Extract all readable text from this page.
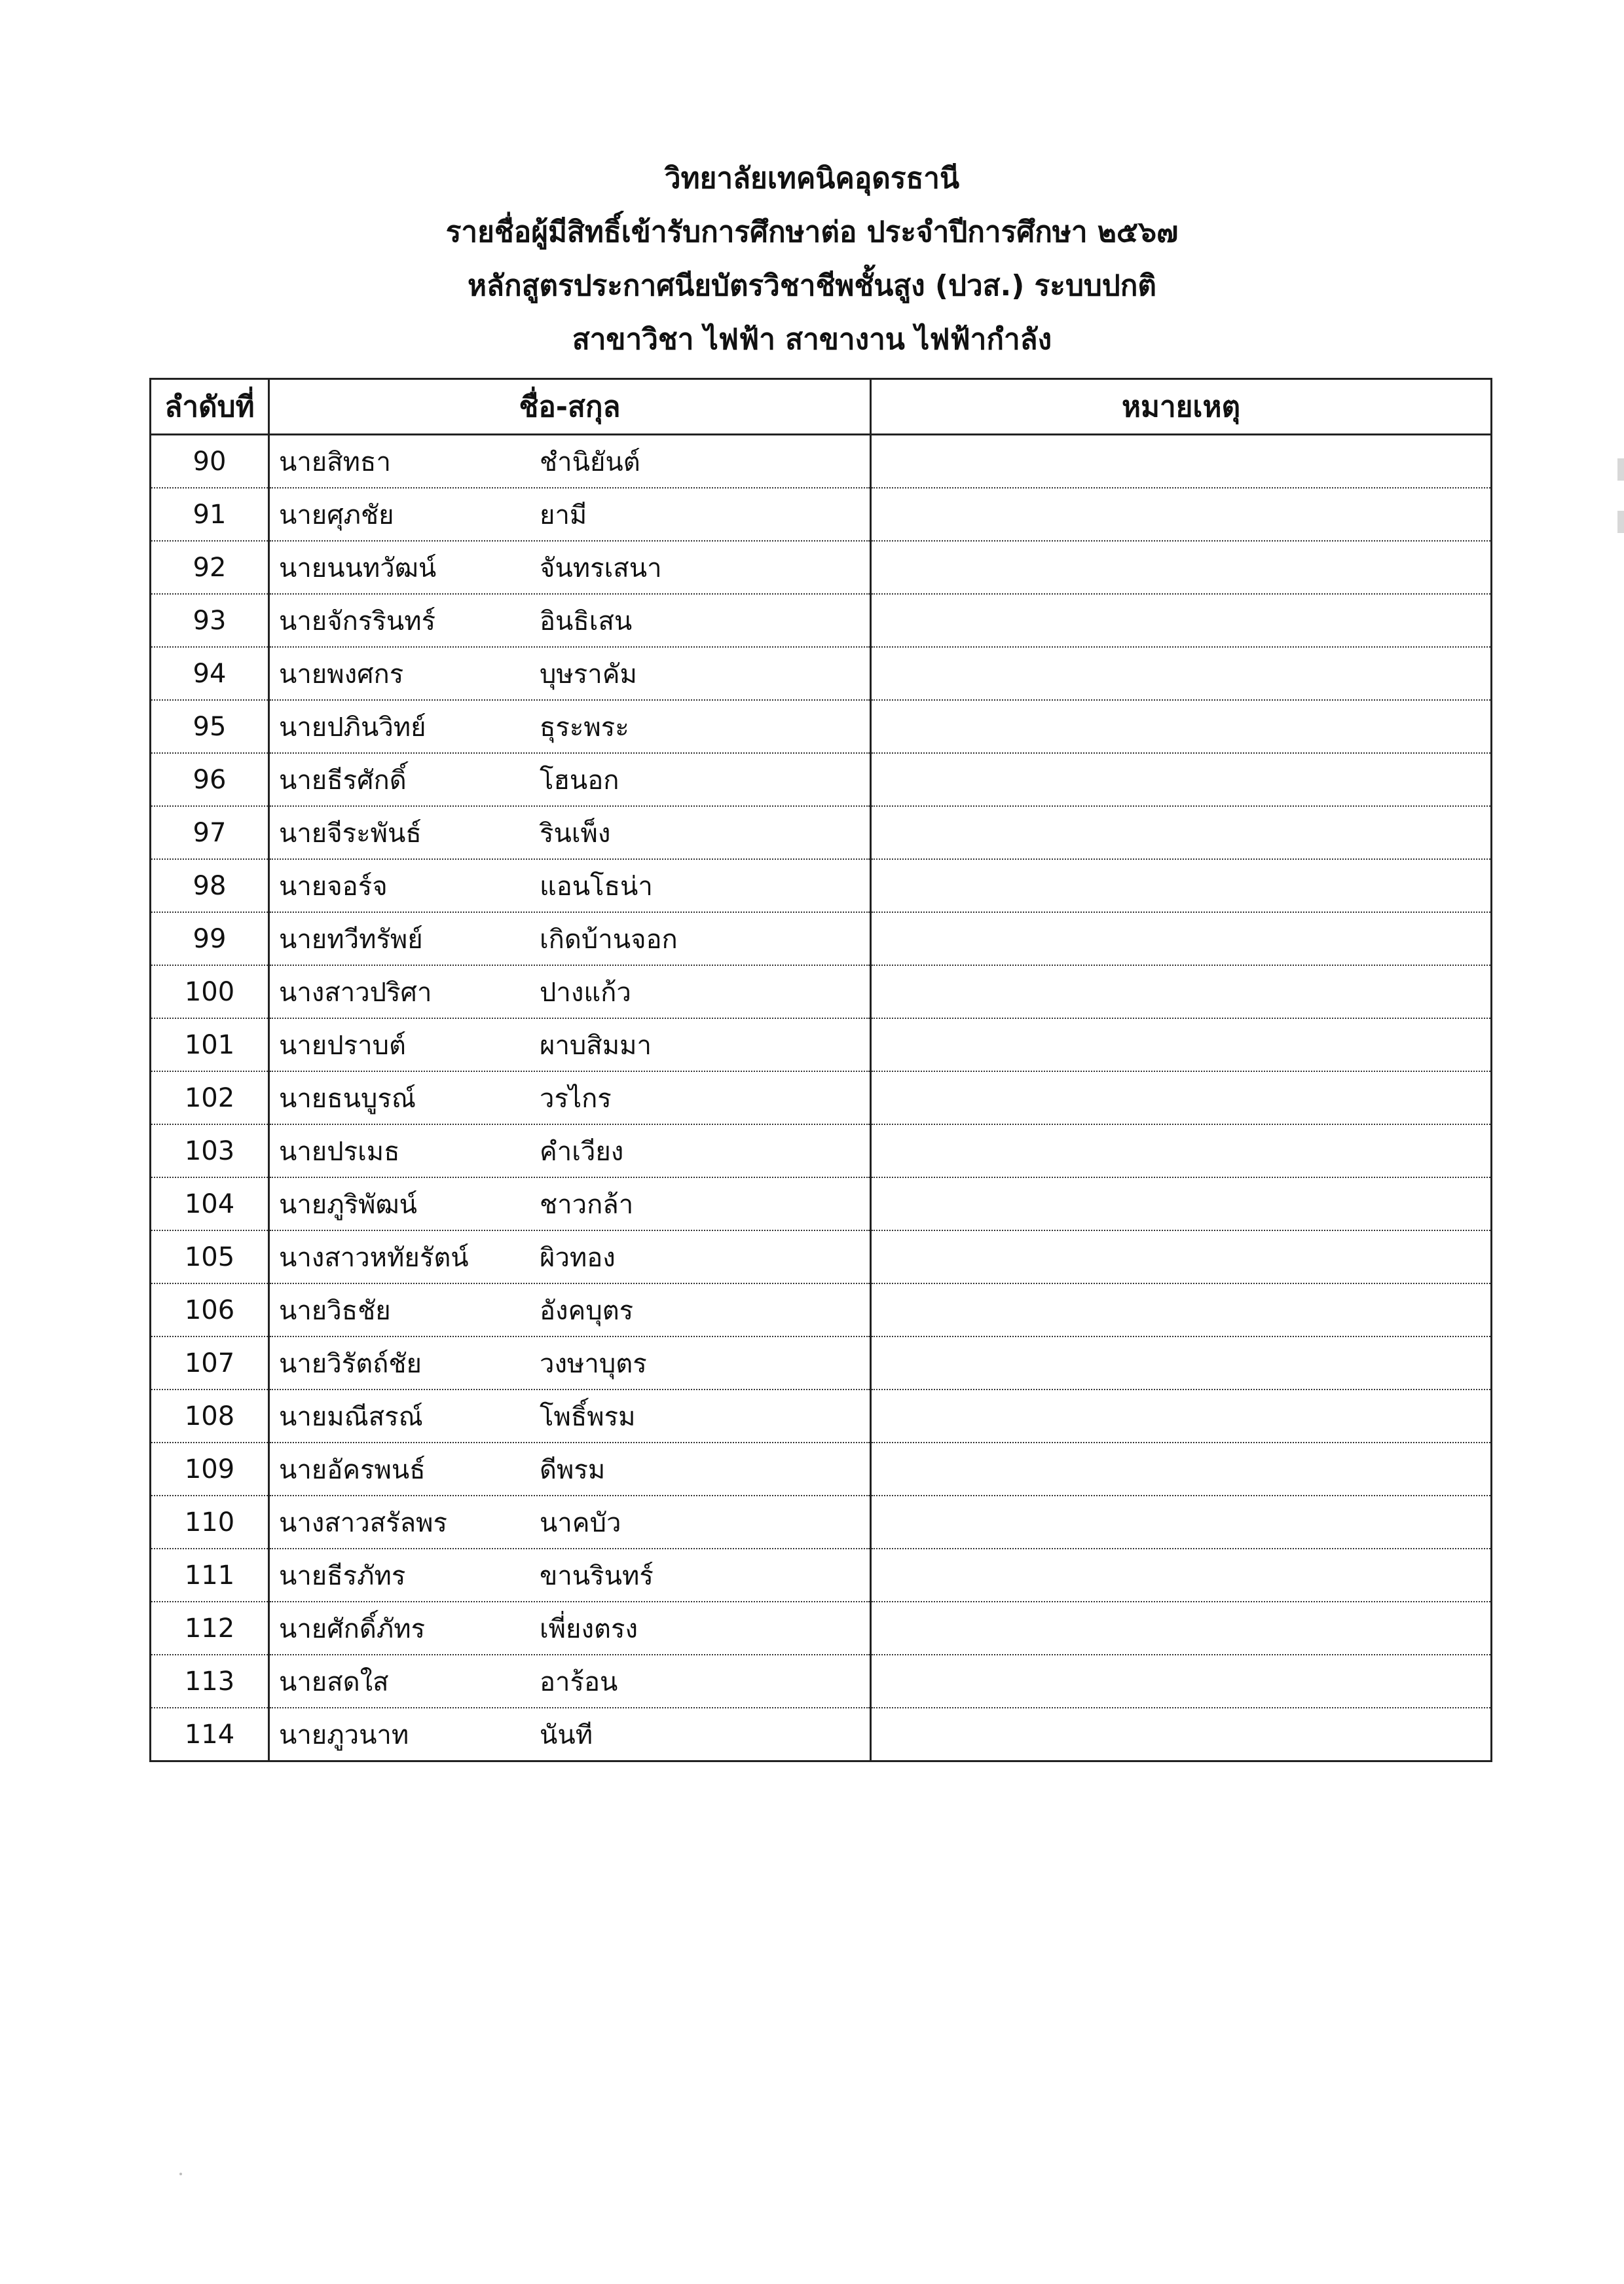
วิทยาลัยเทคนิคอุดรธานี
รายชื่อผู้มีสิทธิ์เข้ารับการศึกษาต่อ ประจำปีการศึกษา ๒๕๖๗
หลักสูตรประกาศนียบัตรวิชาชีพชั้นสูง (ปวส.) ระบบปกติ
สาขาวิชา ไฟฟ้า สาขางาน ไฟฟ้ากำลัง
ลำดับที่	ชื่อ-สกุล	หมายเหตุ
90	นายสิทธา ชำนิยันต์	
91	นายศุภชัย ยามี	
92	นายนนทวัฒน์ จันทรเสนา	
93	นายจักรรินทร์ อินธิเสน	
94	นายพงศกร บุษราคัม	
95	นายปภินวิทย์ ธุระพระ	
96	นายธีรศักดิ์ โฮนอก	
97	นายจีระพันธ์ รินเพ็ง	
98	นายจอร์จ แอนโธน่า	
99	นายทวีทรัพย์ เกิดบ้านจอก	
100	นางสาวปริศา ปางแก้ว	
101	นายปราบต์ ผาบสิมมา	
102	นายธนบูรณ์ วรไกร	
103	นายปรเมธ คำเวียง	
104	นายภูริพัฒน์ ชาวกล้า	
105	นางสาวหทัยรัตน์ ผิวทอง	
106	นายวิธชัย อังคบุตร	
107	นายวิรัตถ์ชัย วงษาบุตร	
108	นายมณีสรณ์ โพธิ์พรม	
109	นายอัครพนธ์ ดีพรม	
110	นางสาวสรัลพร นาคบัว	
111	นายธีรภัทร ขานรินทร์	
112	นายศักดิ์ภัทร เพี่ยงตรง	
113	นายสดใส อาร้อน	
114	นายภูวนาท นันที	
